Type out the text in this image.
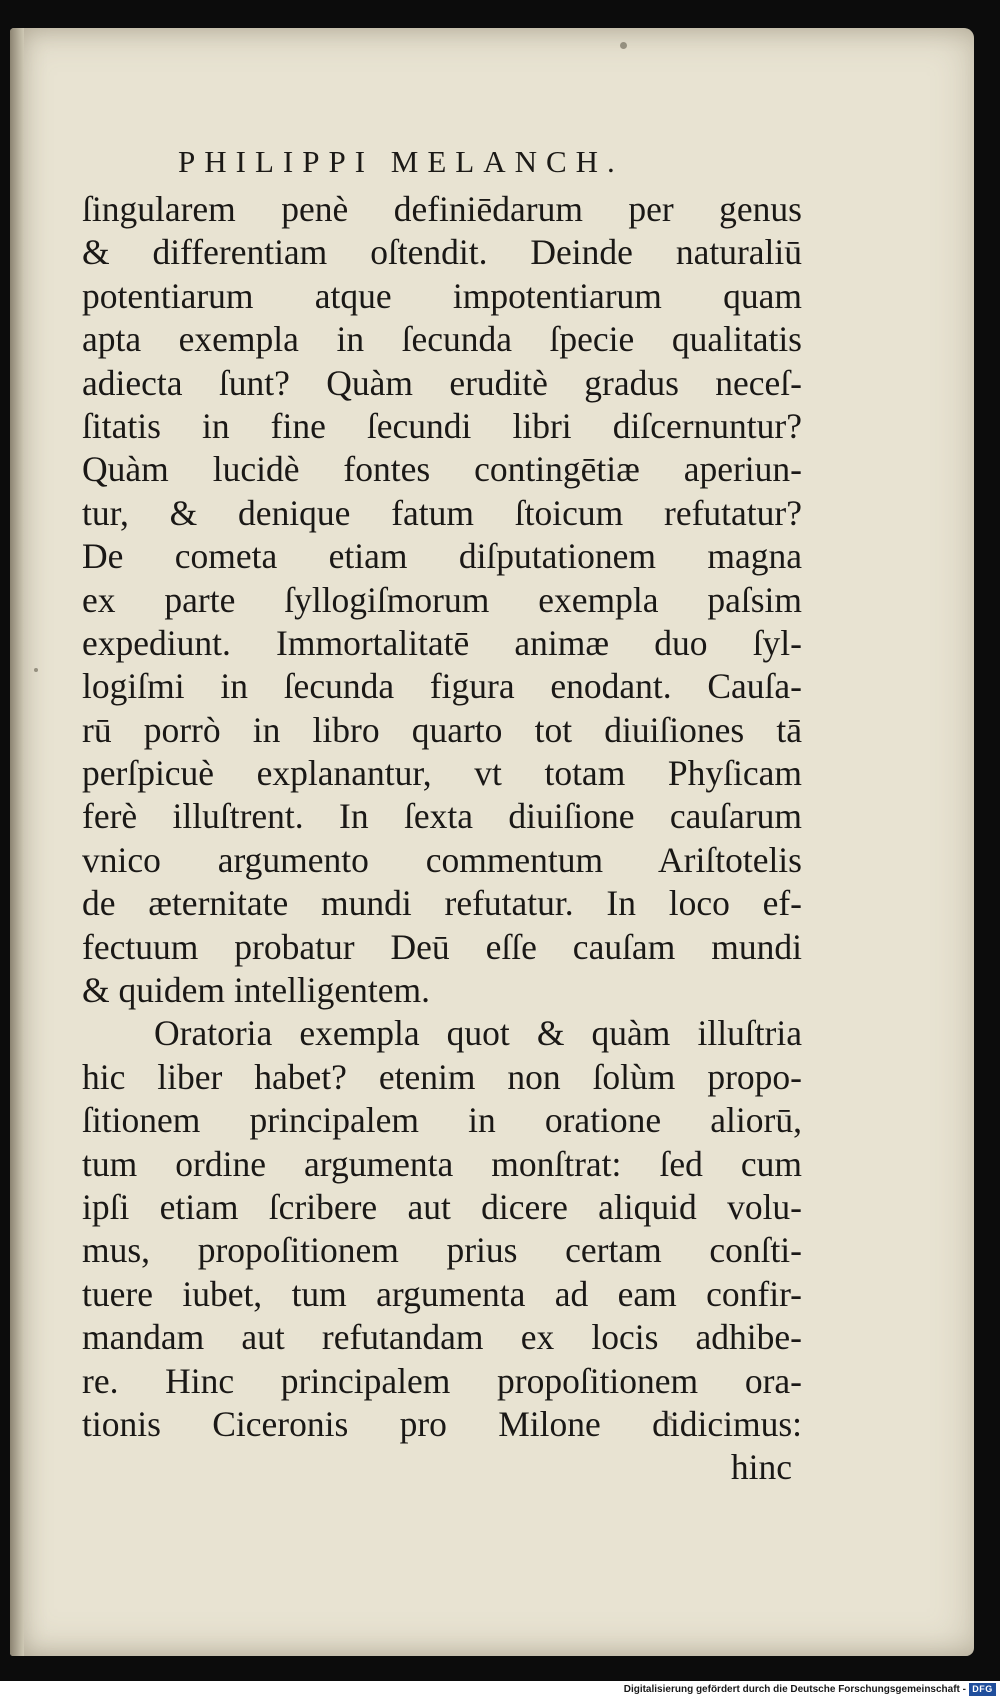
PHILIPPI MELANCH.
ſingularem penè definiēdarum per genus
& differentiam oſtendit. Deinde naturaliū
potentiarum atque impotentiarum quam
apta exempla in ſecunda ſpecie qualitatis
adiecta ſunt? Quàm eruditè gradus neceſ-
ſitatis in fine ſecundi libri diſcernuntur?
Quàm lucidè fontes contingētiæ aperiun-
tur, & denique fatum ſtoicum refutatur?
De cometa etiam diſputationem magna
ex parte ſyllogiſmorum exempla paſsim
expediunt. Immortalitatē animæ duo ſyl-
logiſmi in ſecunda figura enodant. Cauſa-
rū porrò in libro quarto tot diuiſiones tā
perſpicuè explanantur, vt totam Phyſicam
ferè illuſtrent. In ſexta diuiſione cauſarum
vnico argumento commentum Ariſtotelis
de æternitate mundi refutatur. In loco ef-
fectuum probatur Deū eſſe cauſam mundi
& quidem intelligentem.
Oratoria exempla quot & quàm illuſtria
hic liber habet? etenim non ſolùm propo-
ſitionem principalem in oratione aliorū,
tum ordine argumenta monſtrat: ſed cum
ipſi etiam ſcribere aut dicere aliquid volu-
mus, propoſitionem prius certam conſti-
tuere iubet, tum argumenta ad eam confir-
mandam aut refutandam ex locis adhibe-
re. Hinc principalem propoſitionem ora-
tionis Ciceronis pro Milone didicimus:
hinc
Digitalisierung gefördert durch die Deutsche Forschungsgemeinschaft - DFG
